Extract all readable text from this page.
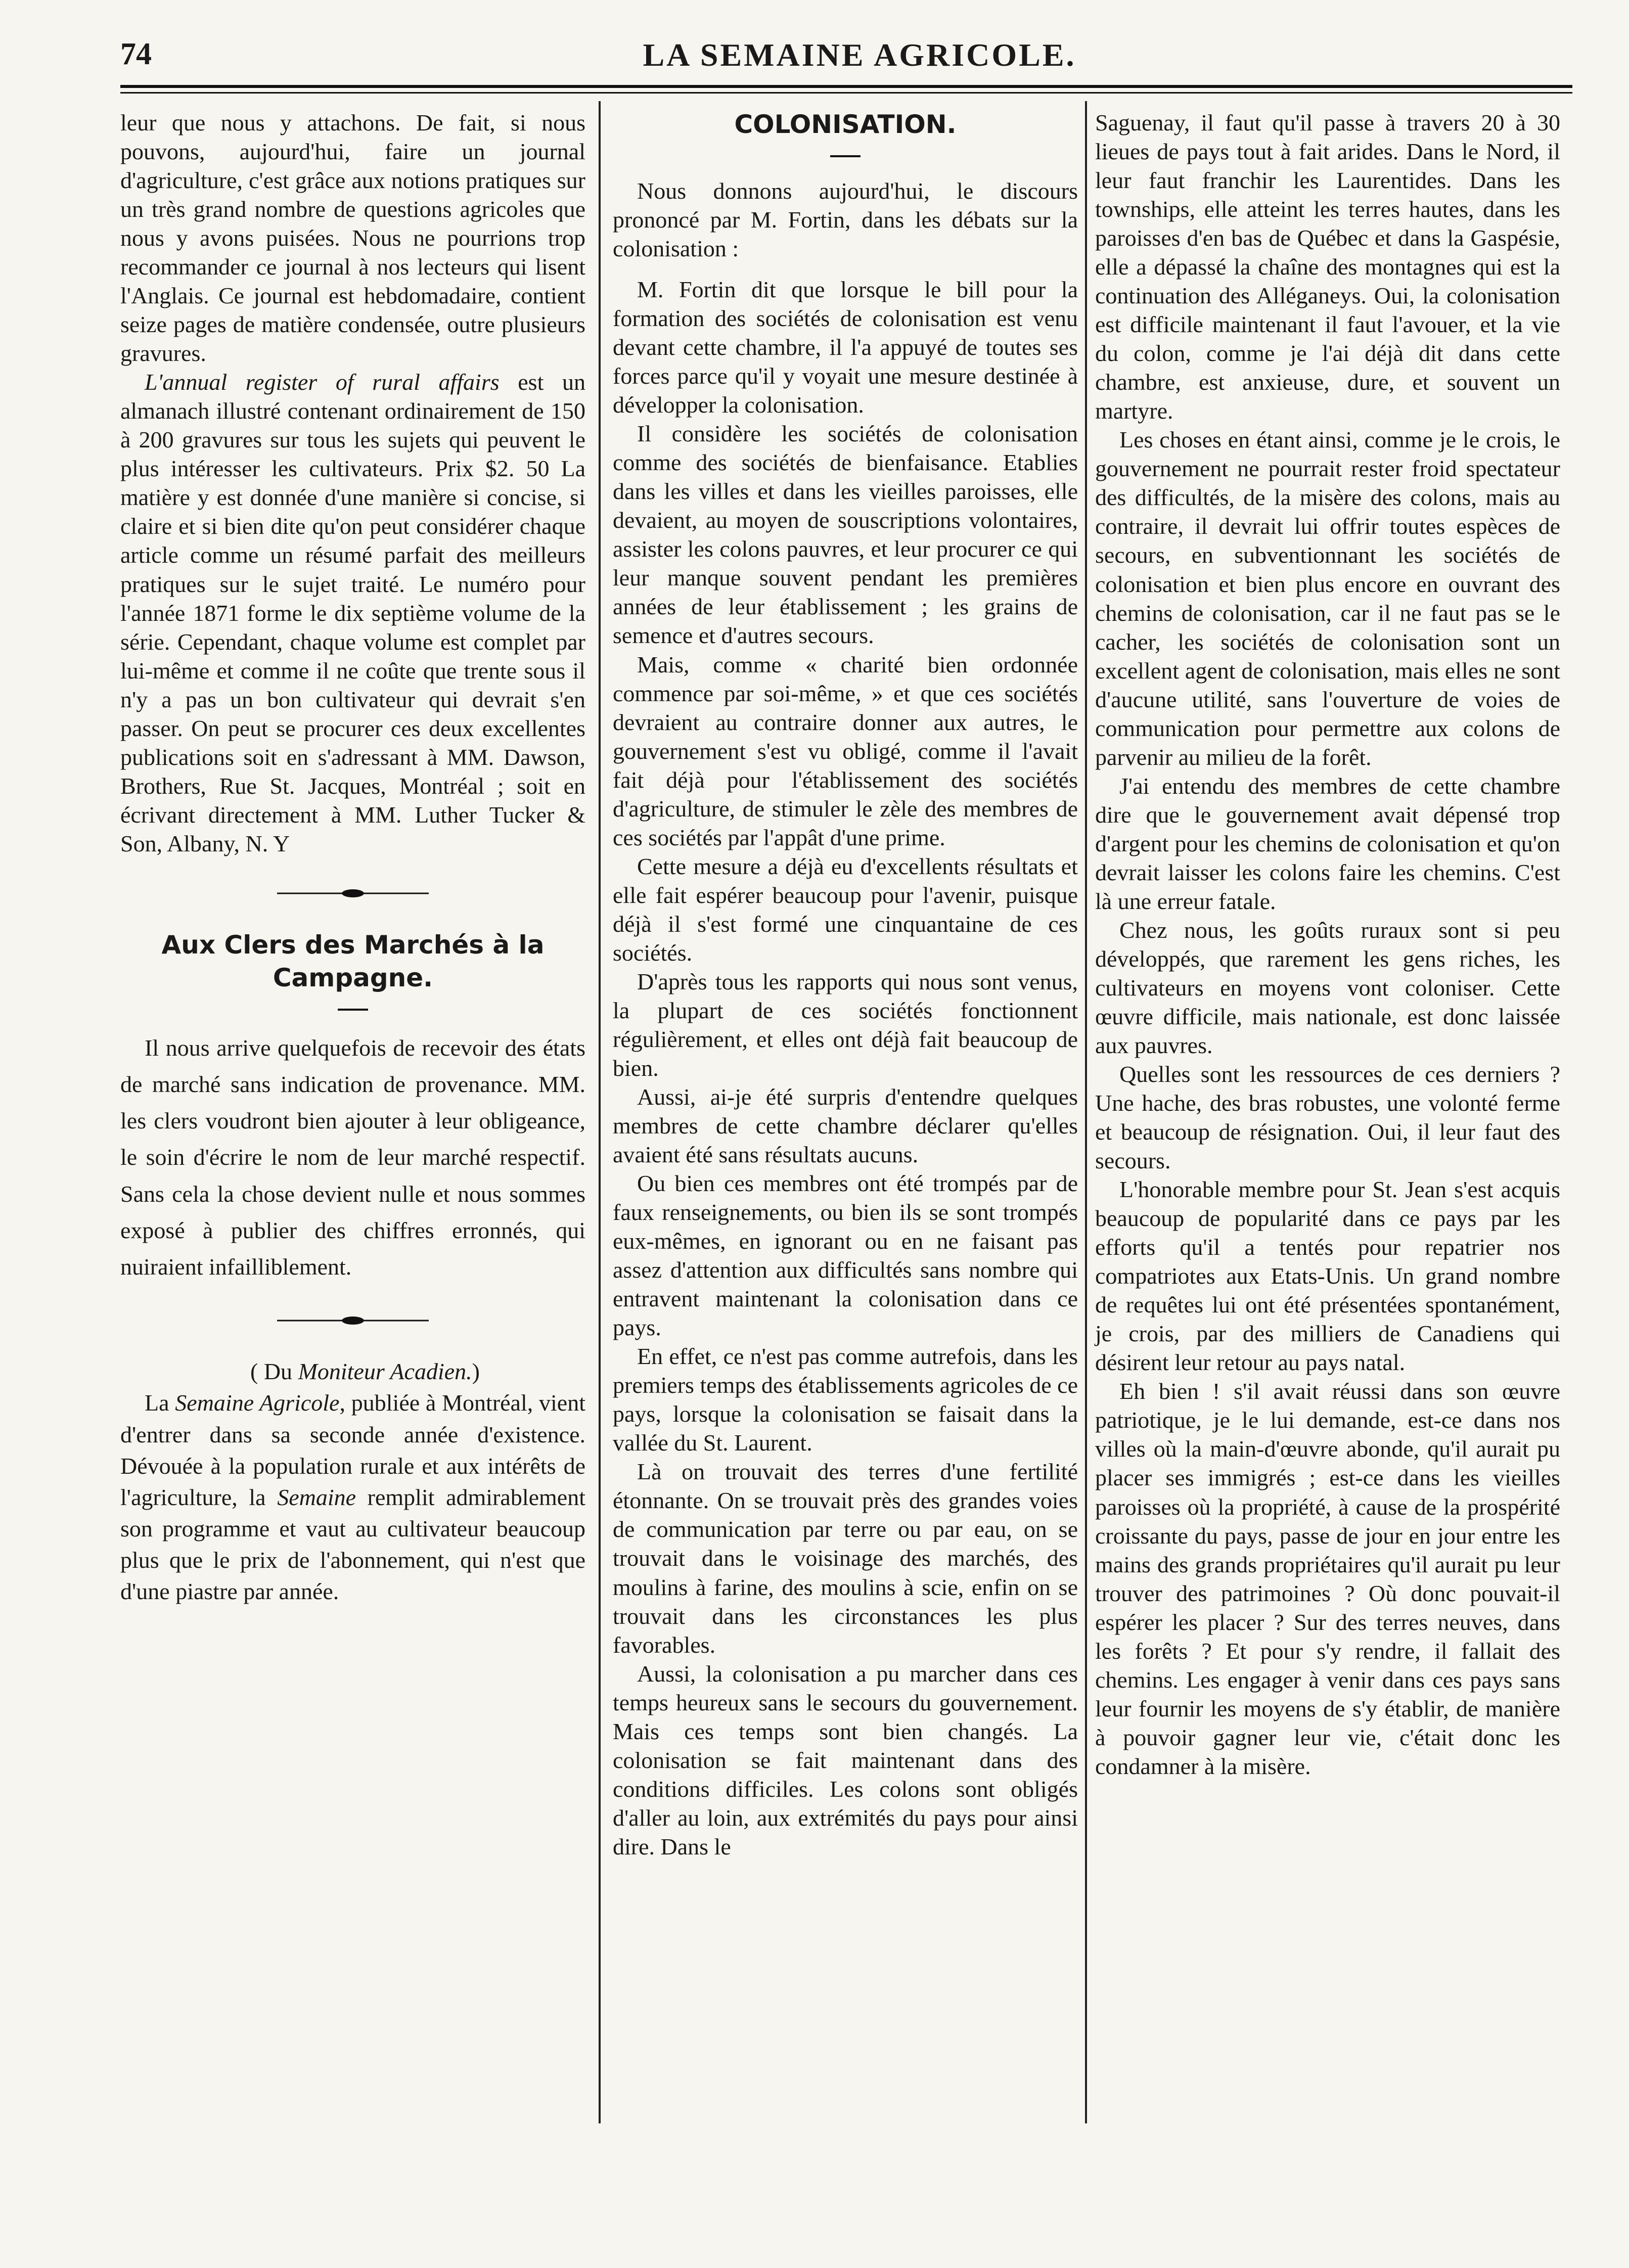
74	LA SEMAINE AGRICOLE.

leur que nous y attachons. De fait, si nous pouvons, aujourd'hui, faire un journal d'agriculture, c'est grâce aux notions pratiques sur un très grand nombre de questions agricoles que nous y avons puisées. Nous ne pourrions trop recommander ce journal à nos lecteurs qui lisent l'Anglais. Ce journal est hebdomadaire, contient seize pages de matière condensée, outre plusieurs gravures.

L'annual register of rural affairs est un almanach illustré contenant ordinairement de 150 à 200 gravures sur tous les sujets qui peuvent le plus intéresser les cultivateurs. Prix $2. 50 La matière y est donnée d'une manière si concise, si claire et si bien dite qu'on peut considérer chaque article comme un résumé parfait des meilleurs pratiques sur le sujet traité. Le numéro pour l'année 1871 forme le dix septième volume de la série. Cependant, chaque volume est complet par lui-même et comme il ne coûte que trente sous il n'y a pas un bon cultivateur qui devrait s'en passer. On peut se procurer ces deux excellentes publications soit en s'adressant à MM. Dawson, Brothers, Rue St. Jacques, Montréal ; soit en écrivant directement à MM. Luther Tucker & Son, Albany, N. Y

Aux Clers des Marchés à la Campagne.

Il nous arrive quelquefois de recevoir des états de marché sans indication de provenance. MM. les clers voudront bien ajouter à leur obligeance, le soin d'écrire le nom de leur marché respectif. Sans cela la chose devient nulle et nous sommes exposé à publier des chiffres erronnés, qui nuiraient infailliblement.

( Du Moniteur Acadien.)

La Semaine Agricole, publiée à Montréal, vient d'entrer dans sa seconde année d'existence. Dévouée à la population rurale et aux intérêts de l'agriculture, la Semaine remplit admirablement son programme et vaut au cultivateur beaucoup plus que le prix de l'abonnement, qui n'est que d'une piastre par année.

COLONISATION.

Nous donnons aujourd'hui, le discours prononcé par M. Fortin, dans les débats sur la colonisation :

M. Fortin dit que lorsque le bill pour la formation des sociétés de colonisation est venu devant cette chambre, il l'a appuyé de toutes ses forces parce qu'il y voyait une mesure destinée à développer la colonisation.

Il considère les sociétés de colonisation comme des sociétés de bienfaisance. Etablies dans les villes et dans les vieilles paroisses, elle devaient, au moyen de souscriptions volontaires, assister les colons pauvres, et leur procurer ce qui leur manque souvent pendant les premières années de leur établissement ; les grains de semence et d'autres secours.

Mais, comme « charité bien ordonnée commence par soi-même, » et que ces sociétés devraient au contraire donner aux autres, le gouvernement s'est vu obligé, comme il l'avait fait déjà pour l'établissement des sociétés d'agriculture, de stimuler le zèle des membres de ces sociétés par l'appât d'une prime.

Cette mesure a déjà eu d'excellents résultats et elle fait espérer beaucoup pour l'avenir, puisque déjà il s'est formé une cinquantaine de ces sociétés.

D'après tous les rapports qui nous sont venus, la plupart de ces sociétés fonctionnent régulièrement, et elles ont déjà fait beaucoup de bien.

Aussi, ai-je été surpris d'entendre quelques membres de cette chambre déclarer qu'elles avaient été sans résultats aucuns.

Ou bien ces membres ont été trompés par de faux renseignements, ou bien ils se sont trompés eux-mêmes, en ignorant ou en ne faisant pas assez d'attention aux difficultés sans nombre qui entravent maintenant la colonisation dans ce pays.

En effet, ce n'est pas comme autrefois, dans les premiers temps des établissements agricoles de ce pays, lorsque la colonisation se faisait dans la vallée du St. Laurent.

Là on trouvait des terres d'une fertilité étonnante. On se trouvait près des grandes voies de communication par terre ou par eau, on se trouvait dans le voisinage des marchés, des moulins à farine, des moulins à scie, enfin on se trouvait dans les circonstances les plus favorables.

Aussi, la colonisation a pu marcher dans ces temps heureux sans le secours du gouvernement. Mais ces temps sont bien changés. La colonisation se fait maintenant dans des conditions difficiles. Les colons sont obligés d'aller au loin, aux extrémités du pays pour ainsi dire. Dans le

Saguenay, il faut qu'il passe à travers 20 à 30 lieues de pays tout à fait arides. Dans le Nord, il leur faut franchir les Laurentides. Dans les townships, elle atteint les terres hautes, dans les paroisses d'en bas de Québec et dans la Gaspésie, elle a dépassé la chaîne des montagnes qui est la continuation des Alléganeys. Oui, la colonisation est difficile maintenant il faut l'avouer, et la vie du colon, comme je l'ai déjà dit dans cette chambre, est anxieuse, dure, et souvent un martyre.

Les choses en étant ainsi, comme je le crois, le gouvernement ne pourrait rester froid spectateur des difficultés, de la misère des colons, mais au contraire, il devrait lui offrir toutes espèces de secours, en subventionnant les sociétés de colonisation et bien plus encore en ouvrant des chemins de colonisation, car il ne faut pas se le cacher, les sociétés de colonisation sont un excellent agent de colonisation, mais elles ne sont d'aucune utilité, sans l'ouverture de voies de communication pour permettre aux colons de parvenir au milieu de la forêt.

J'ai entendu des membres de cette chambre dire que le gouvernement avait dépensé trop d'argent pour les chemins de colonisation et qu'on devrait laisser les colons faire les chemins. C'est là une erreur fatale.

Chez nous, les goûts ruraux sont si peu développés, que rarement les gens riches, les cultivateurs en moyens vont coloniser. Cette œuvre difficile, mais nationale, est donc laissée aux pauvres.

Quelles sont les ressources de ces derniers ? Une hache, des bras robustes, une volonté ferme et beaucoup de résignation. Oui, il leur faut des secours.

L'honorable membre pour St. Jean s'est acquis beaucoup de popularité dans ce pays par les efforts qu'il a tentés pour repatrier nos compatriotes aux Etats-Unis. Un grand nombre de requêtes lui ont été présentées spontanément, je crois, par des milliers de Canadiens qui désirent leur retour au pays natal.

Eh bien ! s'il avait réussi dans son œuvre patriotique, je le lui demande, est-ce dans nos villes où la main-d'œuvre abonde, qu'il aurait pu placer ses immigrés ; est-ce dans les vieilles paroisses où la propriété, à cause de la prospérité croissante du pays, passe de jour en jour entre les mains des grands propriétaires qu'il aurait pu leur trouver des patrimoines ? Où donc pouvait-il espérer les placer ? Sur des terres neuves, dans les forêts ? Et pour s'y rendre, il fallait des chemins. Les engager à venir dans ces pays sans leur fournir les moyens de s'y établir, de manière à pouvoir gagner leur vie, c'était donc les condamner à la misère.
